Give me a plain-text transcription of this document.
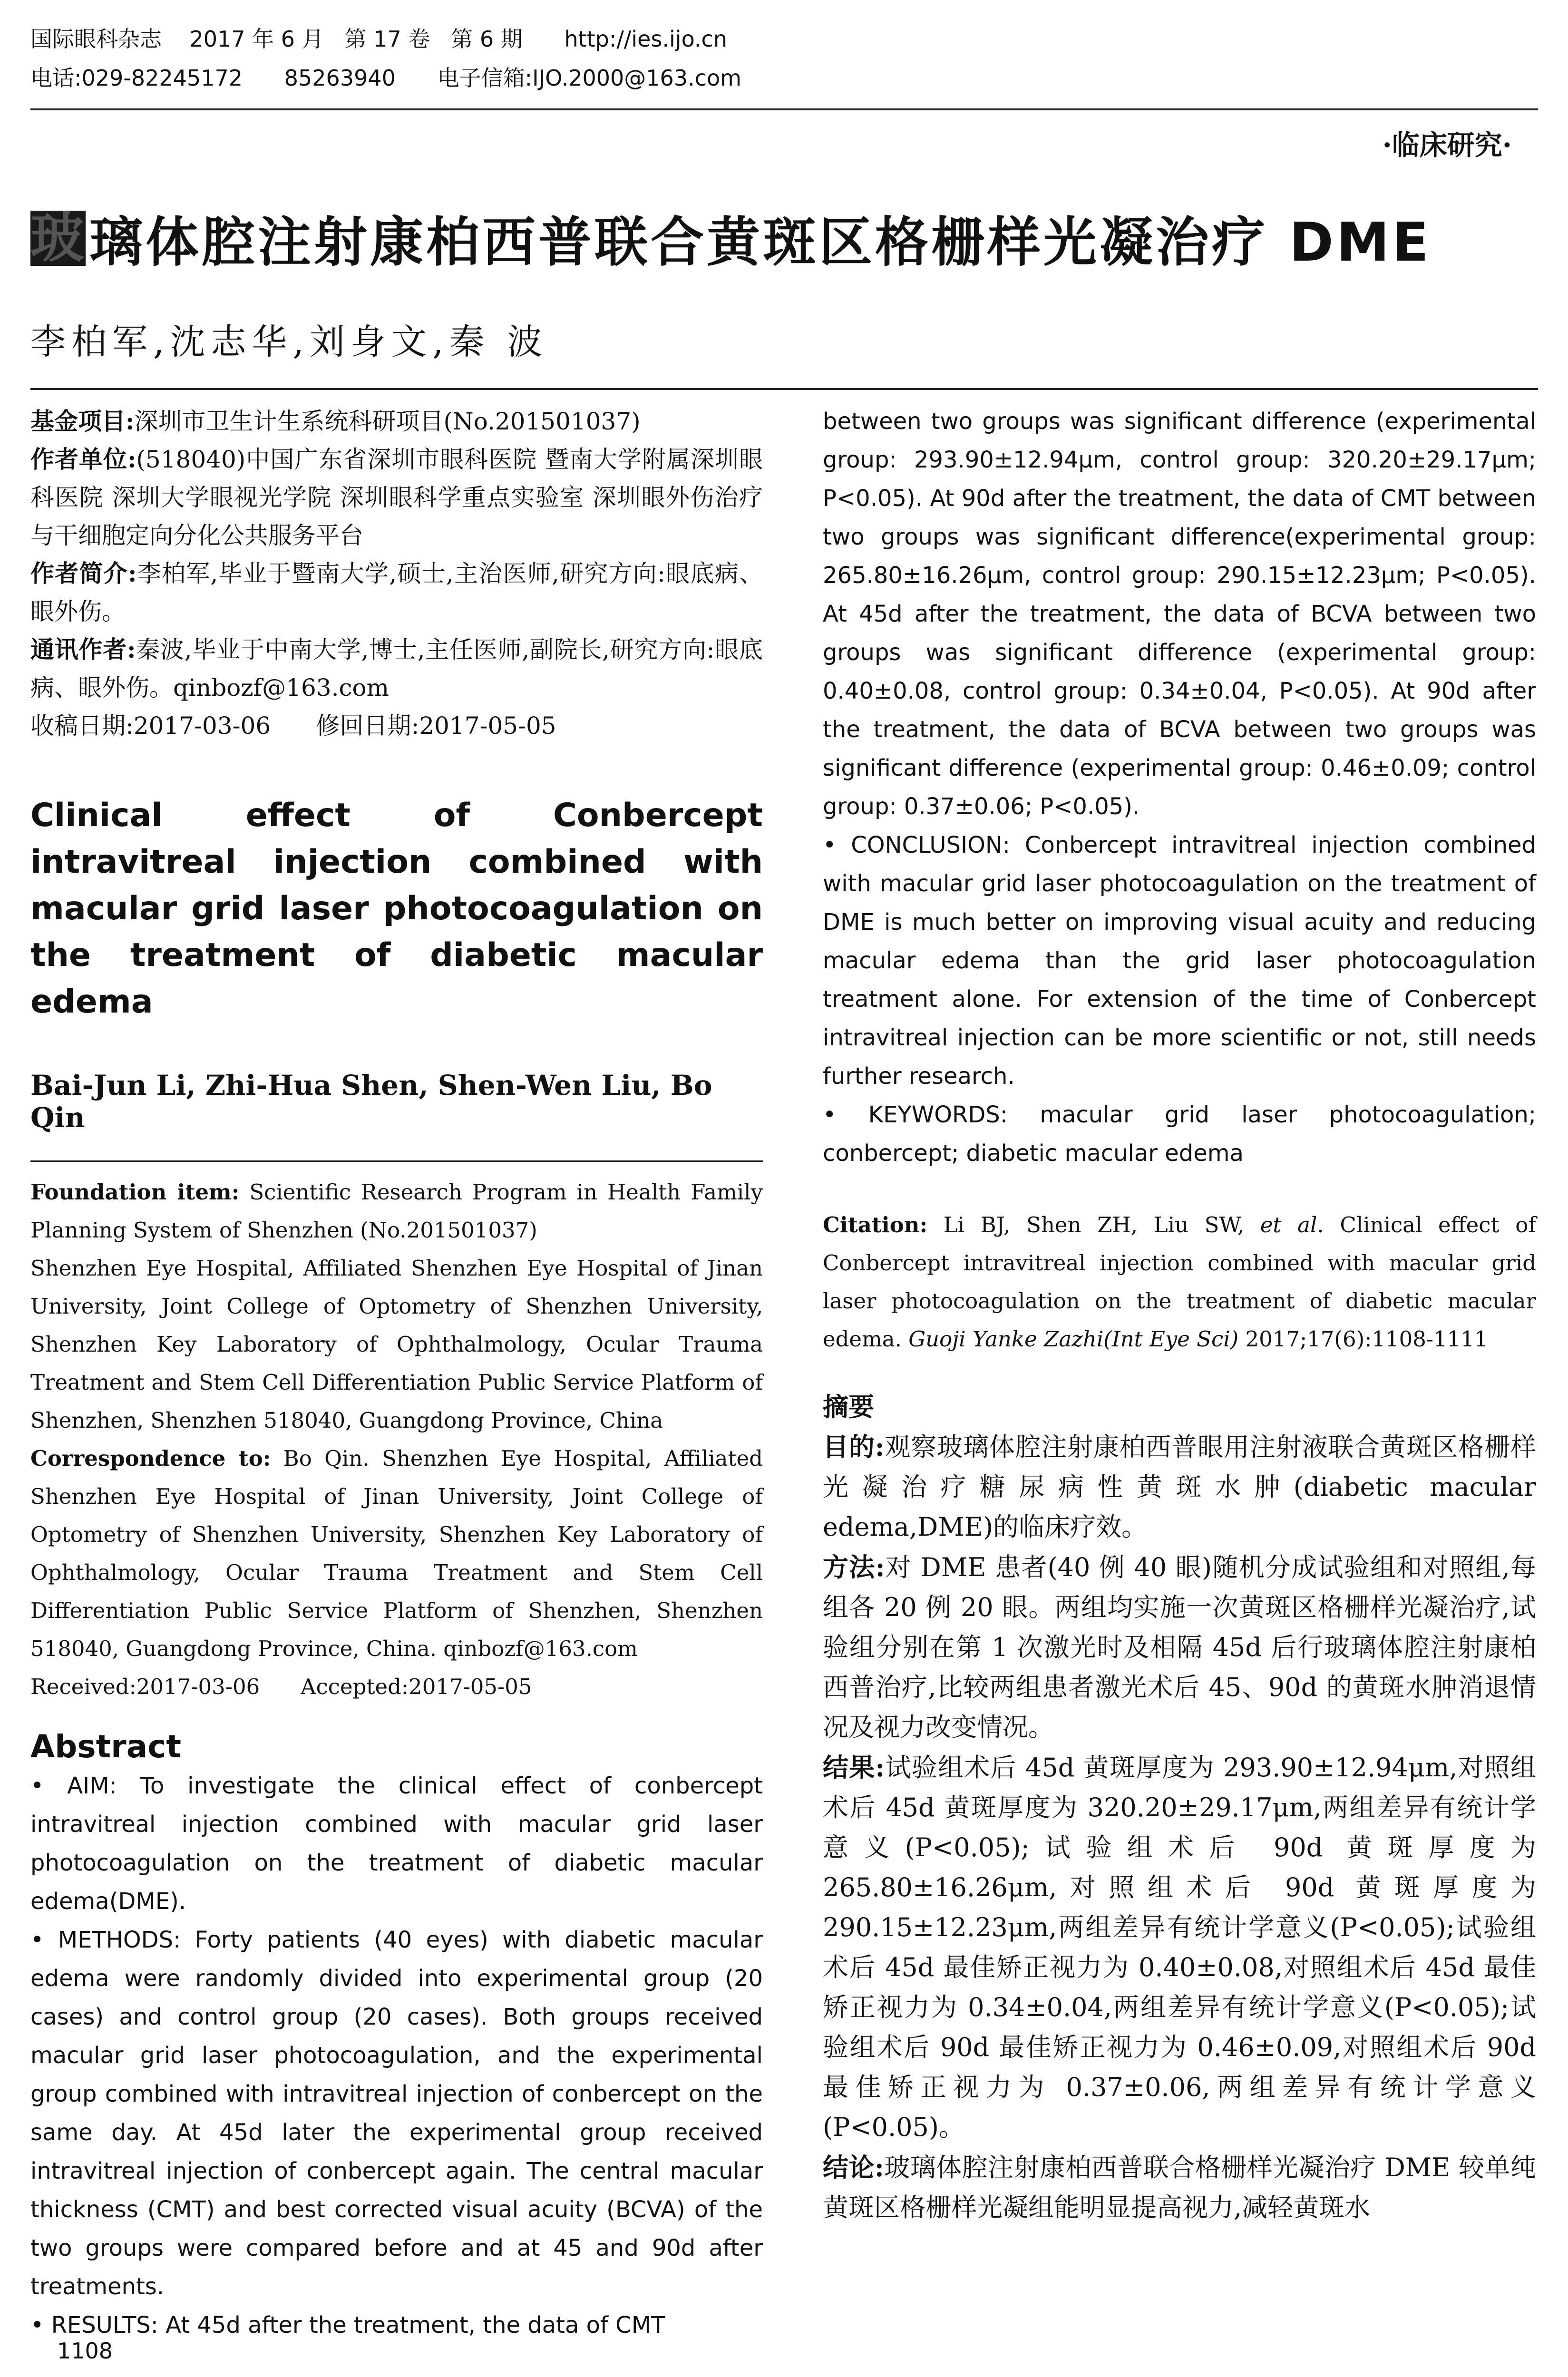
国际眼科杂志    2017 年 6 月   第 17 卷   第 6 期      http://ies.ijo.cn
电话:029-82245172      85263940      电子信箱:IJO.2000@163.com
·临床研究·
玻 璃体腔注射康柏西普联合黄斑区格栅样光凝治疗 DME
李柏军,沈志华,刘身文,秦 波

基金项目:深圳市卫生计生系统科研项目(No.201501037)

作者单位:(518040)中国广东省深圳市眼科医院 暨南大学附属深圳眼科医院 深圳大学眼视光学院 深圳眼科学重点实验室 深圳眼外伤治疗与干细胞定向分化公共服务平台

作者简介:李柏军,毕业于暨南大学,硕士,主治医师,研究方向:眼底病、眼外伤。

通讯作者:秦波,毕业于中南大学,博士,主任医师,副院长,研究方向:眼底病、眼外伤。qinbozf@163.com

收稿日期:2017-03-06      修回日期:2017-05-05

Clinical effect of Conbercept intravitreal injection combined with macular grid laser photocoagulation on the treatment of diabetic macular edema

Bai-Jun Li, Zhi-Hua Shen, Shen-Wen Liu, Bo Qin

Foundation item: Scientific Research Program in Health Family Planning System of Shenzhen (No.201501037)

Shenzhen Eye Hospital, Affiliated Shenzhen Eye Hospital of Jinan University, Joint College of Optometry of Shenzhen University, Shenzhen Key Laboratory of Ophthalmology, Ocular Trauma Treatment and Stem Cell Differentiation Public Service Platform of Shenzhen, Shenzhen 518040, Guangdong Province, China

Correspondence to: Bo Qin. Shenzhen Eye Hospital, Affiliated Shenzhen Eye Hospital of Jinan University, Joint College of Optometry of Shenzhen University, Shenzhen Key Laboratory of Ophthalmology, Ocular Trauma Treatment and Stem Cell Differentiation Public Service Platform of Shenzhen, Shenzhen 518040, Guangdong Province, China. qinbozf@163.com

Received:2017-03-06      Accepted:2017-05-05

Abstract

• AIM: To investigate the clinical effect of conbercept intravitreal injection combined with macular grid laser photocoagulation on the treatment of diabetic macular edema(DME).

• METHODS: Forty patients (40 eyes) with diabetic macular edema were randomly divided into experimental group (20 cases) and control group (20 cases). Both groups received macular grid laser photocoagulation, and the experimental group combined with intravitreal injection of conbercept on the same day. At 45d later the experimental group received intravitreal injection of conbercept again. The central macular thickness (CMT) and best corrected visual acuity (BCVA) of the two groups were compared before and at 45 and 90d after treatments.

• RESULTS: At 45d after the treatment, the data of CMT

between two groups was significant difference (experimental group: 293.90±12.94μm, control group: 320.20±29.17μm; P<0.05). At 90d after the treatment, the data of CMT between two groups was significant difference(experimental group: 265.80±16.26μm, control group: 290.15±12.23μm; P<0.05). At 45d after the treatment, the data of BCVA between two groups was significant difference (experimental group: 0.40±0.08, control group: 0.34±0.04, P<0.05). At 90d after the treatment, the data of BCVA between two groups was significant difference (experimental group: 0.46±0.09; control group: 0.37±0.06; P<0.05).

• CONCLUSION: Conbercept intravitreal injection combined with macular grid laser photocoagulation on the treatment of DME is much better on improving visual acuity and reducing macular edema than the grid laser photocoagulation treatment alone. For extension of the time of Conbercept intravitreal injection can be more scientific or not, still needs further research.

• KEYWORDS: macular grid laser photocoagulation; conbercept; diabetic macular edema

Citation: Li BJ, Shen ZH, Liu SW, et al. Clinical effect of Conbercept intravitreal injection combined with macular grid laser photocoagulation on the treatment of diabetic macular edema. Guoji Yanke Zazhi(Int Eye Sci) 2017;17(6):1108-1111

摘要

目的:观察玻璃体腔注射康柏西普眼用注射液联合黄斑区格栅样光凝治疗糖尿病性黄斑水肿(diabetic macular edema,DME)的临床疗效。

方法:对 DME 患者(40 例 40 眼)随机分成试验组和对照组,每组各 20 例 20 眼。两组均实施一次黄斑区格栅样光凝治疗,试验组分别在第 1 次激光时及相隔 45d 后行玻璃体腔注射康柏西普治疗,比较两组患者激光术后 45、90d 的黄斑水肿消退情况及视力改变情况。

结果:试验组术后 45d 黄斑厚度为 293.90±12.94μm,对照组术后 45d 黄斑厚度为 320.20±29.17μm,两组差异有统计学意义(P<0.05);试验组术后 90d 黄斑厚度为 265.80±16.26μm,对照组术后 90d 黄斑厚度为 290.15±12.23μm,两组差异有统计学意义(P<0.05);试验组术后 45d 最佳矫正视力为 0.40±0.08,对照组术后 45d 最佳矫正视力为 0.34±0.04,两组差异有统计学意义(P<0.05);试验组术后 90d 最佳矫正视力为 0.46±0.09,对照组术后 90d 最佳矫正视力为 0.37±0.06,两组差异有统计学意义(P<0.05)。

结论:玻璃体腔注射康柏西普联合格栅样光凝治疗 DME 较单纯黄斑区格栅样光凝组能明显提高视力,减轻黄斑水

1108
